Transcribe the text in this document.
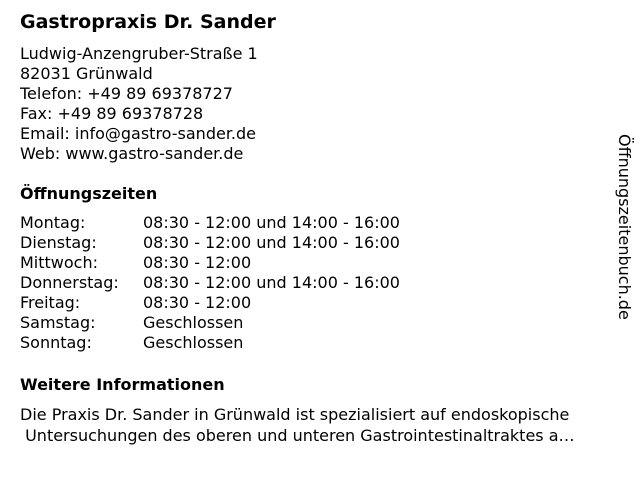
Gastropraxis Dr. Sander
Ludwig-Anzengruber-Straße 1
82031 Grünwald
Telefon: +49 89 69378727
Fax: +49 89 69378728
Email: info@gastro-sander.de
Web: www.gastro-sander.de
Öffnungszeiten
Montag:	08:30 - 12:00 und 14:00 - 16:00
Dienstag:	08:30 - 12:00 und 14:00 - 16:00
Mittwoch:	08:30 - 12:00
Donnerstag: 08:30 - 12:00 und 14:00 - 16:00
Freitag:	08:30 - 12:00
Samstag:	Geschlossen
Sonntag:	Geschlossen
Weitere Informationen
Die Praxis Dr. Sander in Grünwald ist spezialisiert auf endoskopische
Untersuchungen des oberen und unteren Gastrointestinaltraktes a…
Öffnungszeitenbuch.de
